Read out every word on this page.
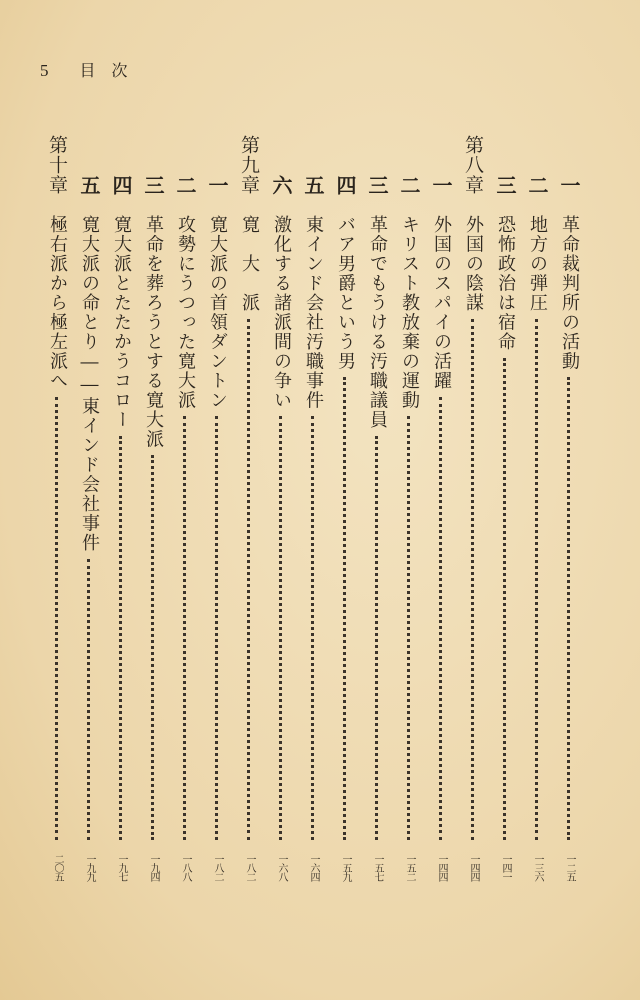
5 目次
一
革命裁判所の活動
一二五
二
地方の弾圧
一三六
三
恐怖政治は宿命
一四一
第八章
外国の陰謀
一四四
一
外国のスパイの活躍
一四四
二
キリスト教放棄の運動
一五二
三
革命でもうける汚職議員
一五七
四
バア男爵という男
一五九
五
東インド会社汚職事件
一六四
六
激化する諸派間の争い
一六八
第九章
寛　大　派
一八二
一
寛大派の首領ダントン
一八二
二
攻勢にうつった寛大派
一八八
三
革命を葬ろうとする寛大派
一九四
四
寛大派とたたかうコロー
一九七
五
寛大派の命とり――東インド会社事件
一九九
第十章
極右派から極左派へ
二〇五
